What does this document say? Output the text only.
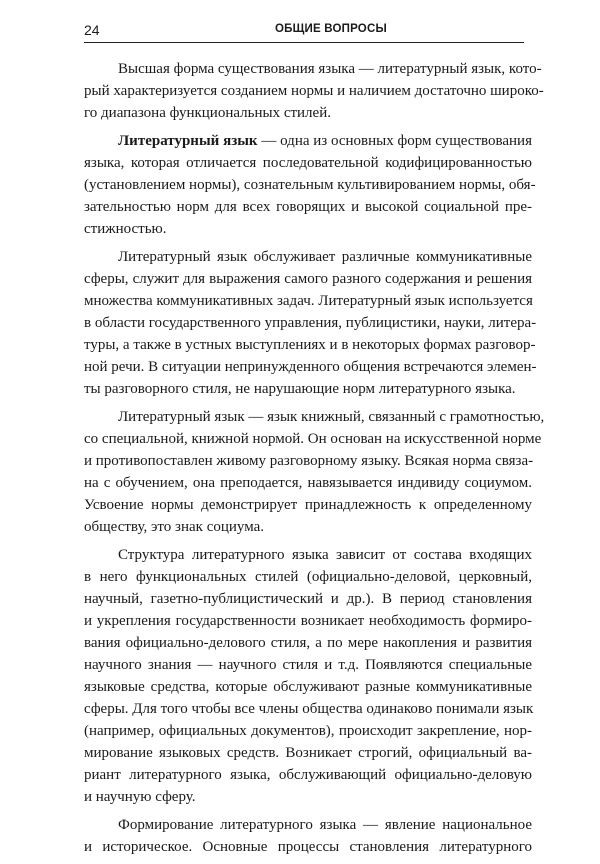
24	ОБЩИЕ ВОПРОСЫ

Высшая форма существования языка — литературный язык, кото-
рый характеризуется созданием нормы и наличием достаточно широко-
го диапазона функциональных стилей.

Литературный язык — одна из основных форм существования
языка, которая отличается последовательной кодифицированностью
(установлением нормы), сознательным культивированием нормы, обя-
зательностью норм для всех говорящих и высокой социальной пре-
стижностью.

Литературный язык обслуживает различные коммуникативные
сферы, служит для выражения самого разного содержания и решения
множества коммуникативных задач. Литературный язык используется
в области государственного управления, публицистики, науки, литера-
туры, а также в устных выступлениях и в некоторых формах разговор-
ной речи. В ситуации непринужденного общения встречаются элемен-
ты разговорного стиля, не нарушающие норм литературного языка.

Литературный язык — язык книжный, связанный с грамотностью,
со специальной, книжной нормой. Он основан на искусственной норме
и противопоставлен живому разговорному языку. Всякая норма связа-
на с обучением, она преподается, навязывается индивиду социумом.
Усвоение нормы демонстрирует принадлежность к определенному
обществу, это знак социума.

Структура литературного языка зависит от состава входящих
в него функциональных стилей (официально-деловой, церковный,
научный, газетно-публицистический и др.). В период становления
и укрепления государственности возникает необходимость формиро-
вания официально-делового стиля, а по мере накопления и развития
научного знания — научного стиля и т.д. Появляются специальные
языковые средства, которые обслуживают разные коммуникативные
сферы. Для того чтобы все члены общества одинаково понимали язык
(например, официальных документов), происходит закрепление, нор-
мирование языковых средств. Возникает строгий, официальный ва-
риант литературного языка, обслуживающий официально-деловую
и научную сферу.

Формирование литературного языка — явление национальное
и историческое. Основные процессы становления литературного
